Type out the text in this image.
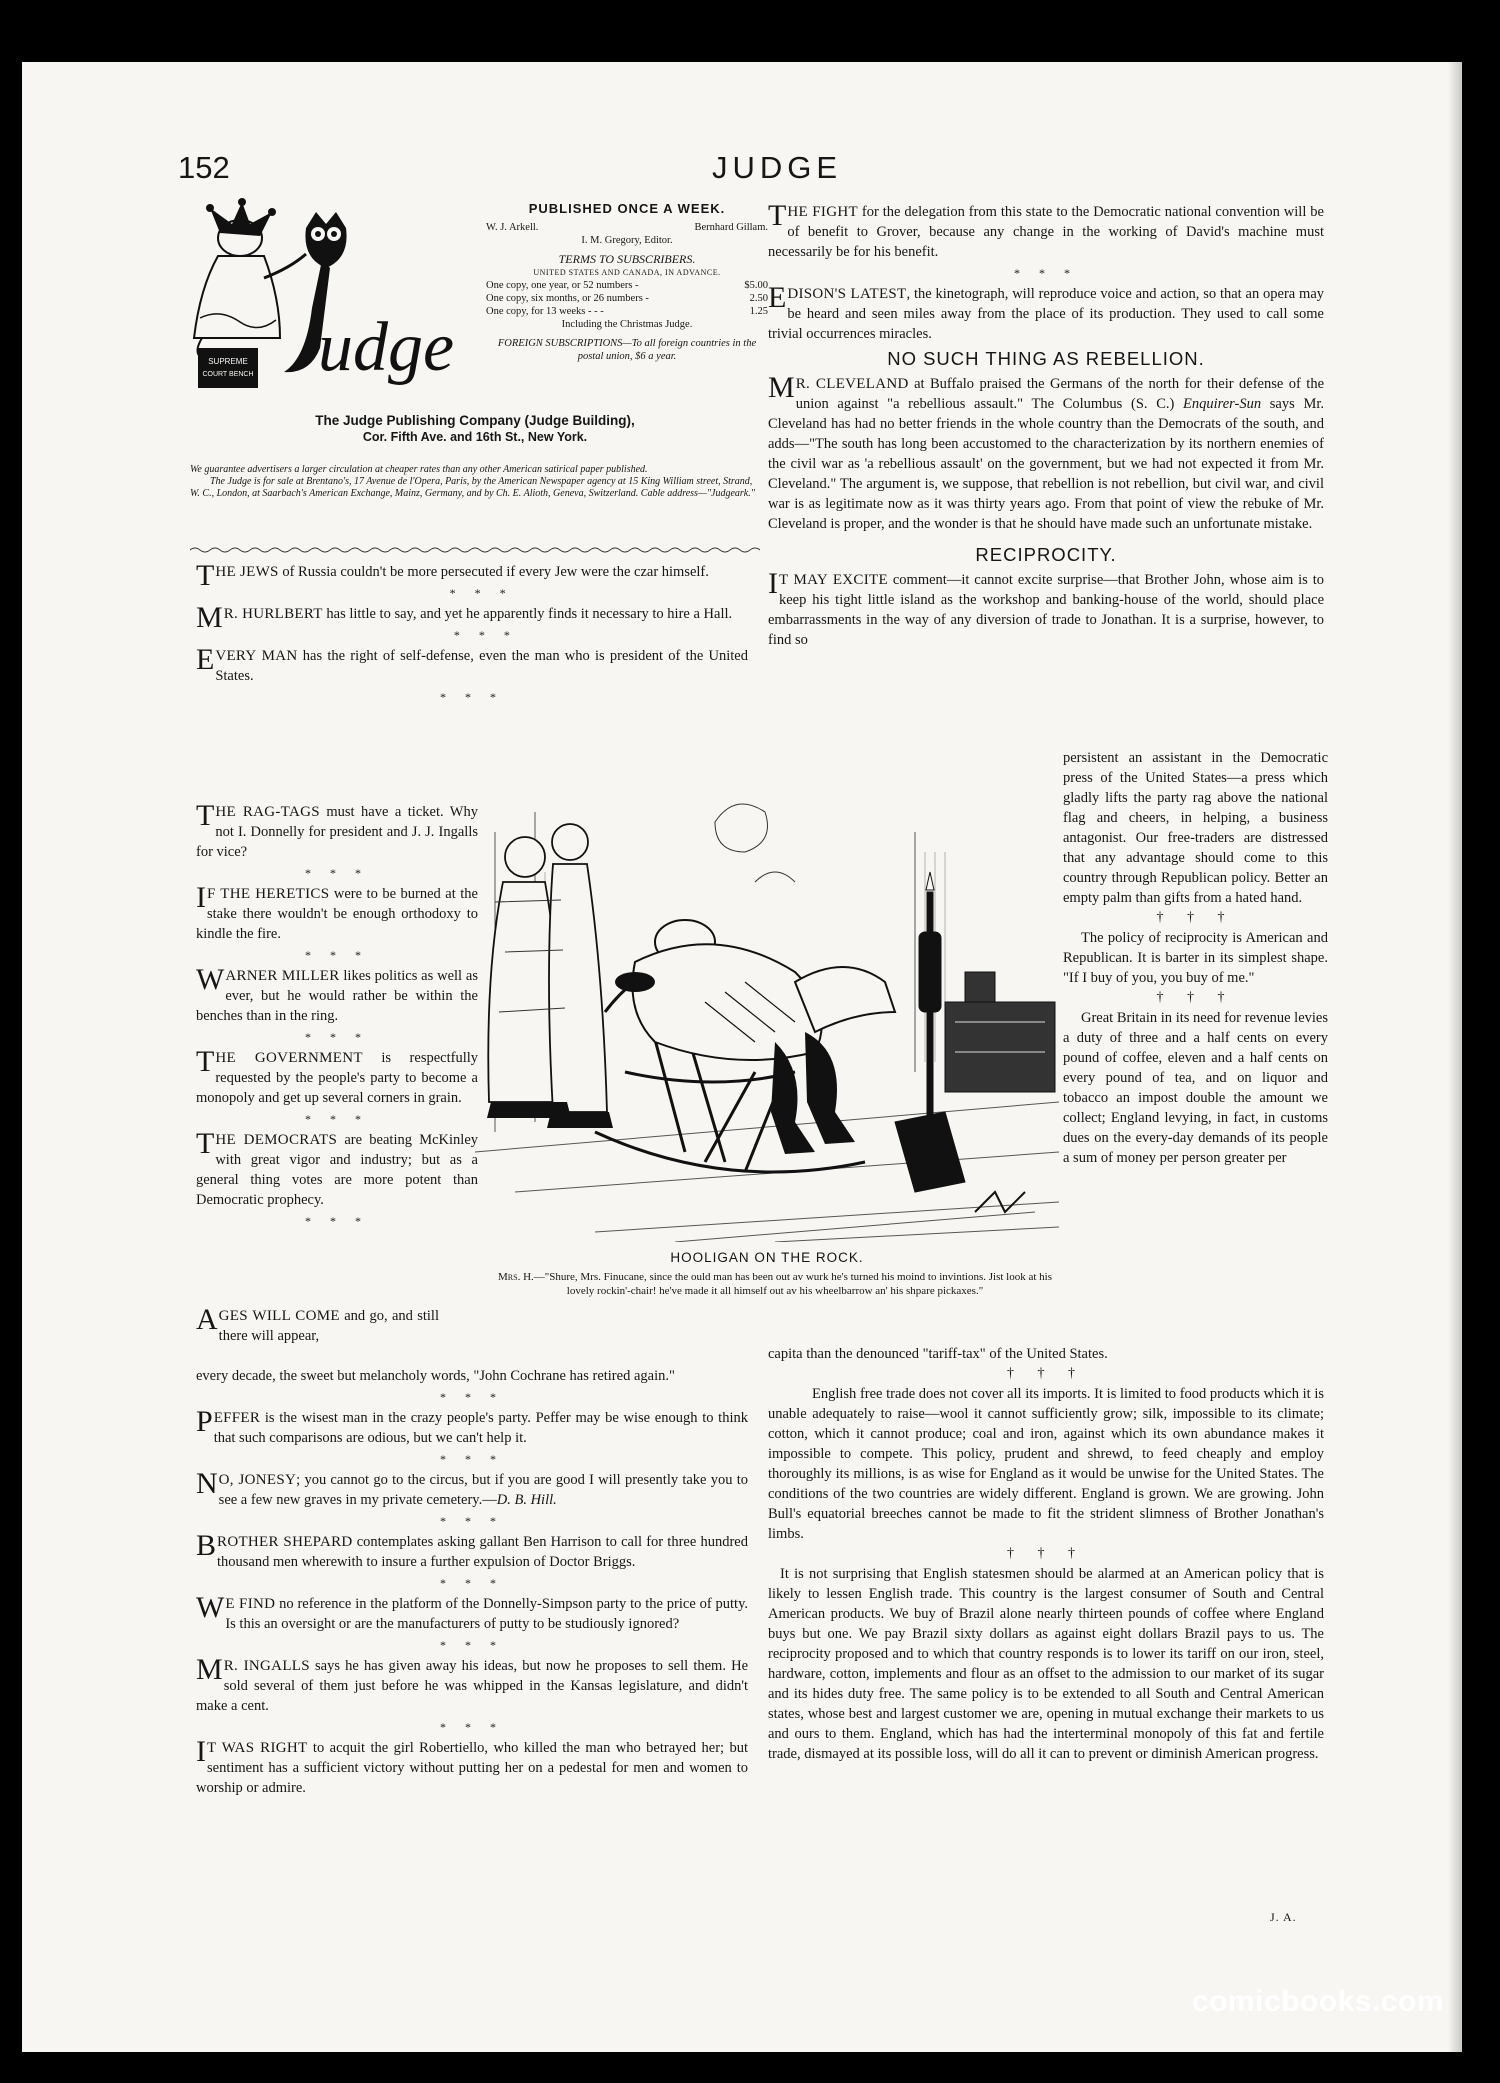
152	JUDGE
SUPREME
COURT BENCH udge
PUBLISHED ONCE A WEEK.
W. J. Arkell.	Bernhard Gillam.
I. M. Gregory, Editor.
TERMS TO SUBSCRIBERS.
UNITED STATES AND CANADA, IN ADVANCE.
One copy, one year, or 52 numbers -	$5.00
One copy, six months, or 26 numbers -	2.50
One copy, for 13 weeks - - -	1.25
Including the Christmas Judge.
FOREIGN SUBSCRIPTIONS—To all foreign countries in the postal union, $6 a year.
The Judge Publishing Company (Judge Building),
Cor. Fifth Ave. and 16th St., New York.

We guarantee advertisers a larger circulation at cheaper rates than any other American satirical paper published.

The Judge is for sale at Brentano's, 17 Avenue de l'Opera, Paris, by the American Newspaper agency at 15 King William street, Strand, W. C., London, at Saarbach's American Exchange, Mainz, Germany, and by Ch. E. Alioth, Geneva, Switzerland. Cable address—"Judgeark."

THE JEWS of Russia couldn't be more persecuted if every Jew were the czar himself.

* * *

M R. HURLBERT has little to say, and yet he apparently finds it necessary to hire a Hall.

* * *

EVERY MAN has the right of self-defense, even the man who is president of the United States.

* * *

THE RAG-TAGS must have a ticket. Why not I. Donnelly for president and J. J. Ingalls for vice?

* * *

I F THE HERETICS were to be burned at the stake there wouldn't be enough orthodoxy to kindle the fire.

* * *

WARNER MILLER likes politics as well as ever, but he would rather be within the benches than in the ring.

* * *

THE GOVERNMENT is respectfully requested by the people's party to become a monopoly and get up several corners in grain.

* * *

THE DEMOCRATS are beating McKinley with great vigor and industry; but as a general thing votes are more potent than Democratic prophecy.

* * *

AGES WILL COME and go, and still there will appear,

every decade, the sweet but melancholy words, "John Cochrane has retired again."

* * *

PEFFER is the wisest man in the crazy people's party. Peffer may be wise enough to think that such comparisons are odious, but we can't help it.

* * *

N O, JONESY; you cannot go to the circus, but if you are good I will presently take you to see a few new graves in my private cemetery.—D. B. Hill.

* * *

BROTHER SHEPARD contemplates asking gallant Ben Harrison to call for three hundred thousand men wherewith to insure a further expulsion of Doctor Briggs.

* * *

W E FIND no reference in the platform of the Donnelly-Simpson party to the price of putty. Is this an oversight or are the manufacturers of putty to be studiously ignored?

* * *

M R. INGALLS says he has given away his ideas, but now he proposes to sell them. He sold several of them just before he was whipped in the Kansas legislature, and didn't make a cent.

* * *

I T WAS RIGHT to acquit the girl Robertiello, who killed the man who betrayed her; but sentiment has a sufficient victory without putting her on a pedestal for men and women to worship or admire.

THE FIGHT for the delegation from this state to the Democratic national convention will be of benefit to Grover, because any change in the working of David's machine must necessarily be for his benefit.

* * *

EDISON'S LATEST, the kinetograph, will reproduce voice and action, so that an opera may be heard and seen miles away from the place of its production. They used to call some trivial occurrences miracles.

NO SUCH THING AS REBELLION.

M R. CLEVELAND at Buffalo praised the Germans of the north for their defense of the union against "a rebellious assault." The Columbus (S. C.) Enquirer-Sun says Mr. Cleveland has had no better friends in the whole country than the Democrats of the south, and adds—"The south has long been accustomed to the characterization by its northern enemies of the civil war as 'a rebellious assault' on the government, but we had not expected it from Mr. Cleveland." The argument is, we suppose, that rebellion is not rebellion, but civil war, and civil war is as legitimate now as it was thirty years ago. From that point of view the rebuke of Mr. Cleveland is proper, and the wonder is that he should have made such an unfortunate mistake.

RECIPROCITY.

I T MAY EXCITE comment—it cannot excite surprise—that Brother John, whose aim is to keep his tight little island as the workshop and banking-house of the world, should place embarrassments in the way of any diversion of trade to Jonathan. It is a surprise, however, to find so

persistent an assistant in the Democratic press of the United States—a press which gladly lifts the party rag above the national flag and cheers, in helping, a business antagonist. Our free-traders are distressed that any advantage should come to this country through Republican policy. Better an empty palm than gifts from a hated hand.

† † †

The policy of reciprocity is American and Republican. It is barter in its simplest shape. "If I buy of you, you buy of me."

† † †

Great Britain in its need for revenue levies a duty of three and a half cents on every pound of coffee, eleven and a half cents on every pound of tea, and on liquor and tobacco an impost double the amount we collect; England levying, in fact, in customs dues on the every-day demands of its people a sum of money per person greater per

capita than the denounced "tariff-tax" of the United States.

† † †

English free trade does not cover all its imports. It is limited to food products which it is unable adequately to raise—wool it cannot sufficiently grow; silk, impossible to its climate; cotton, which it cannot produce; coal and iron, against which its own abundance makes it impossible to compete. This policy, prudent and shrewd, to feed cheaply and employ thoroughly its millions, is as wise for England as it would be unwise for the United States. The conditions of the two countries are widely different. England is grown. We are growing. John Bull's equatorial breeches cannot be made to fit the strident slimness of Brother Jonathan's limbs.

† † †

It is not surprising that English statesmen should be alarmed at an American policy that is likely to lessen English trade. This country is the largest consumer of South and Central American products. We buy of Brazil alone nearly thirteen pounds of coffee where England buys but one. We pay Brazil sixty dollars as against eight dollars Brazil pays to us. The reciprocity proposed and to which that country responds is to lower its tariff on our iron, steel, hardware, cotton, implements and flour as an offset to the admission to our market of its sugar and its hides duty free. The same policy is to be extended to all South and Central American states, whose best and largest customer we are, opening in mutual exchange their markets to us and ours to them. England, which has had the interterminal monopoly of this fat and fertile trade, dismayed at its possible loss, will do all it can to prevent or diminish American progress.

J. A.
HOOLIGAN ON THE ROCK.
Mrs. H.—"Shure, Mrs. Finucane, since the ould man has been out av wurk he's turned his moind to invintions. Jist look at his lovely rockin'-chair! he've made it all himself out av his wheelbarrow an' his shpare pickaxes."
comicbooks.com
